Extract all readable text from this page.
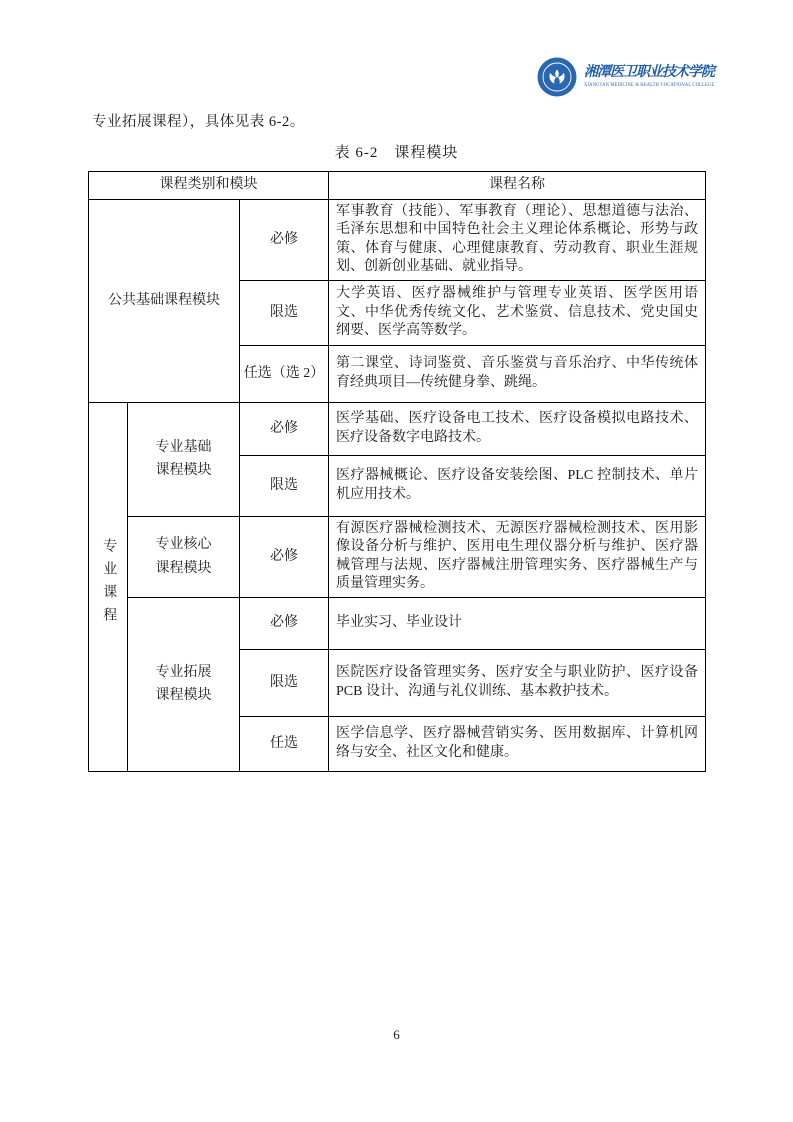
湘潭医卫职业技术学院
XIANGTAN MEDICINE & HEALTH VOCATIONAL COLLEGE
专业拓展课程），具体见表 6-2。
表 6-2　课程模块
课程类别和模块			课程名称
公共基础课程模块		必修	军事教育（技能）、军事教育（理论）、思想道德与法治、毛泽东思想和中国特色社会主义理论体系概论、形势与政策、体育与健康、心理健康教育、劳动教育、职业生涯规划、创新创业基础、就业指导。
		限选	大学英语、医疗器械维护与管理专业英语、医学医用语文、中华优秀传统文化、艺术鉴赏、信息技术、党史国史纲要、医学高等数学。
		任选（选 2）	第二课堂、诗词鉴赏、音乐鉴赏与音乐治疗、中华传统体育经典项目—传统健身拳、跳绳。
专业课程	专业基础课程模块	必修	医学基础、医疗设备电工技术、医疗设备模拟电路技术、医疗设备数字电路技术。
		限选	医疗器械概论、医疗设备安装绘图、PLC 控制技术、单片机应用技术。
	专业核心课程模块	必修	有源医疗器械检测技术、无源医疗器械检测技术、医用影像设备分析与维护、医用电生理仪器分析与维护、医疗器械管理与法规、医疗器械注册管理实务、医疗器械生产与质量管理实务。
	专业拓展课程模块	必修	毕业实习、毕业设计
		限选	医院医疗设备管理实务、医疗安全与职业防护、医疗设备 PCB 设计、沟通与礼仪训练、基本救护技术。
		任选	医学信息学、医疗器械营销实务、医用数据库、计算机网络与安全、社区文化和健康。
6
